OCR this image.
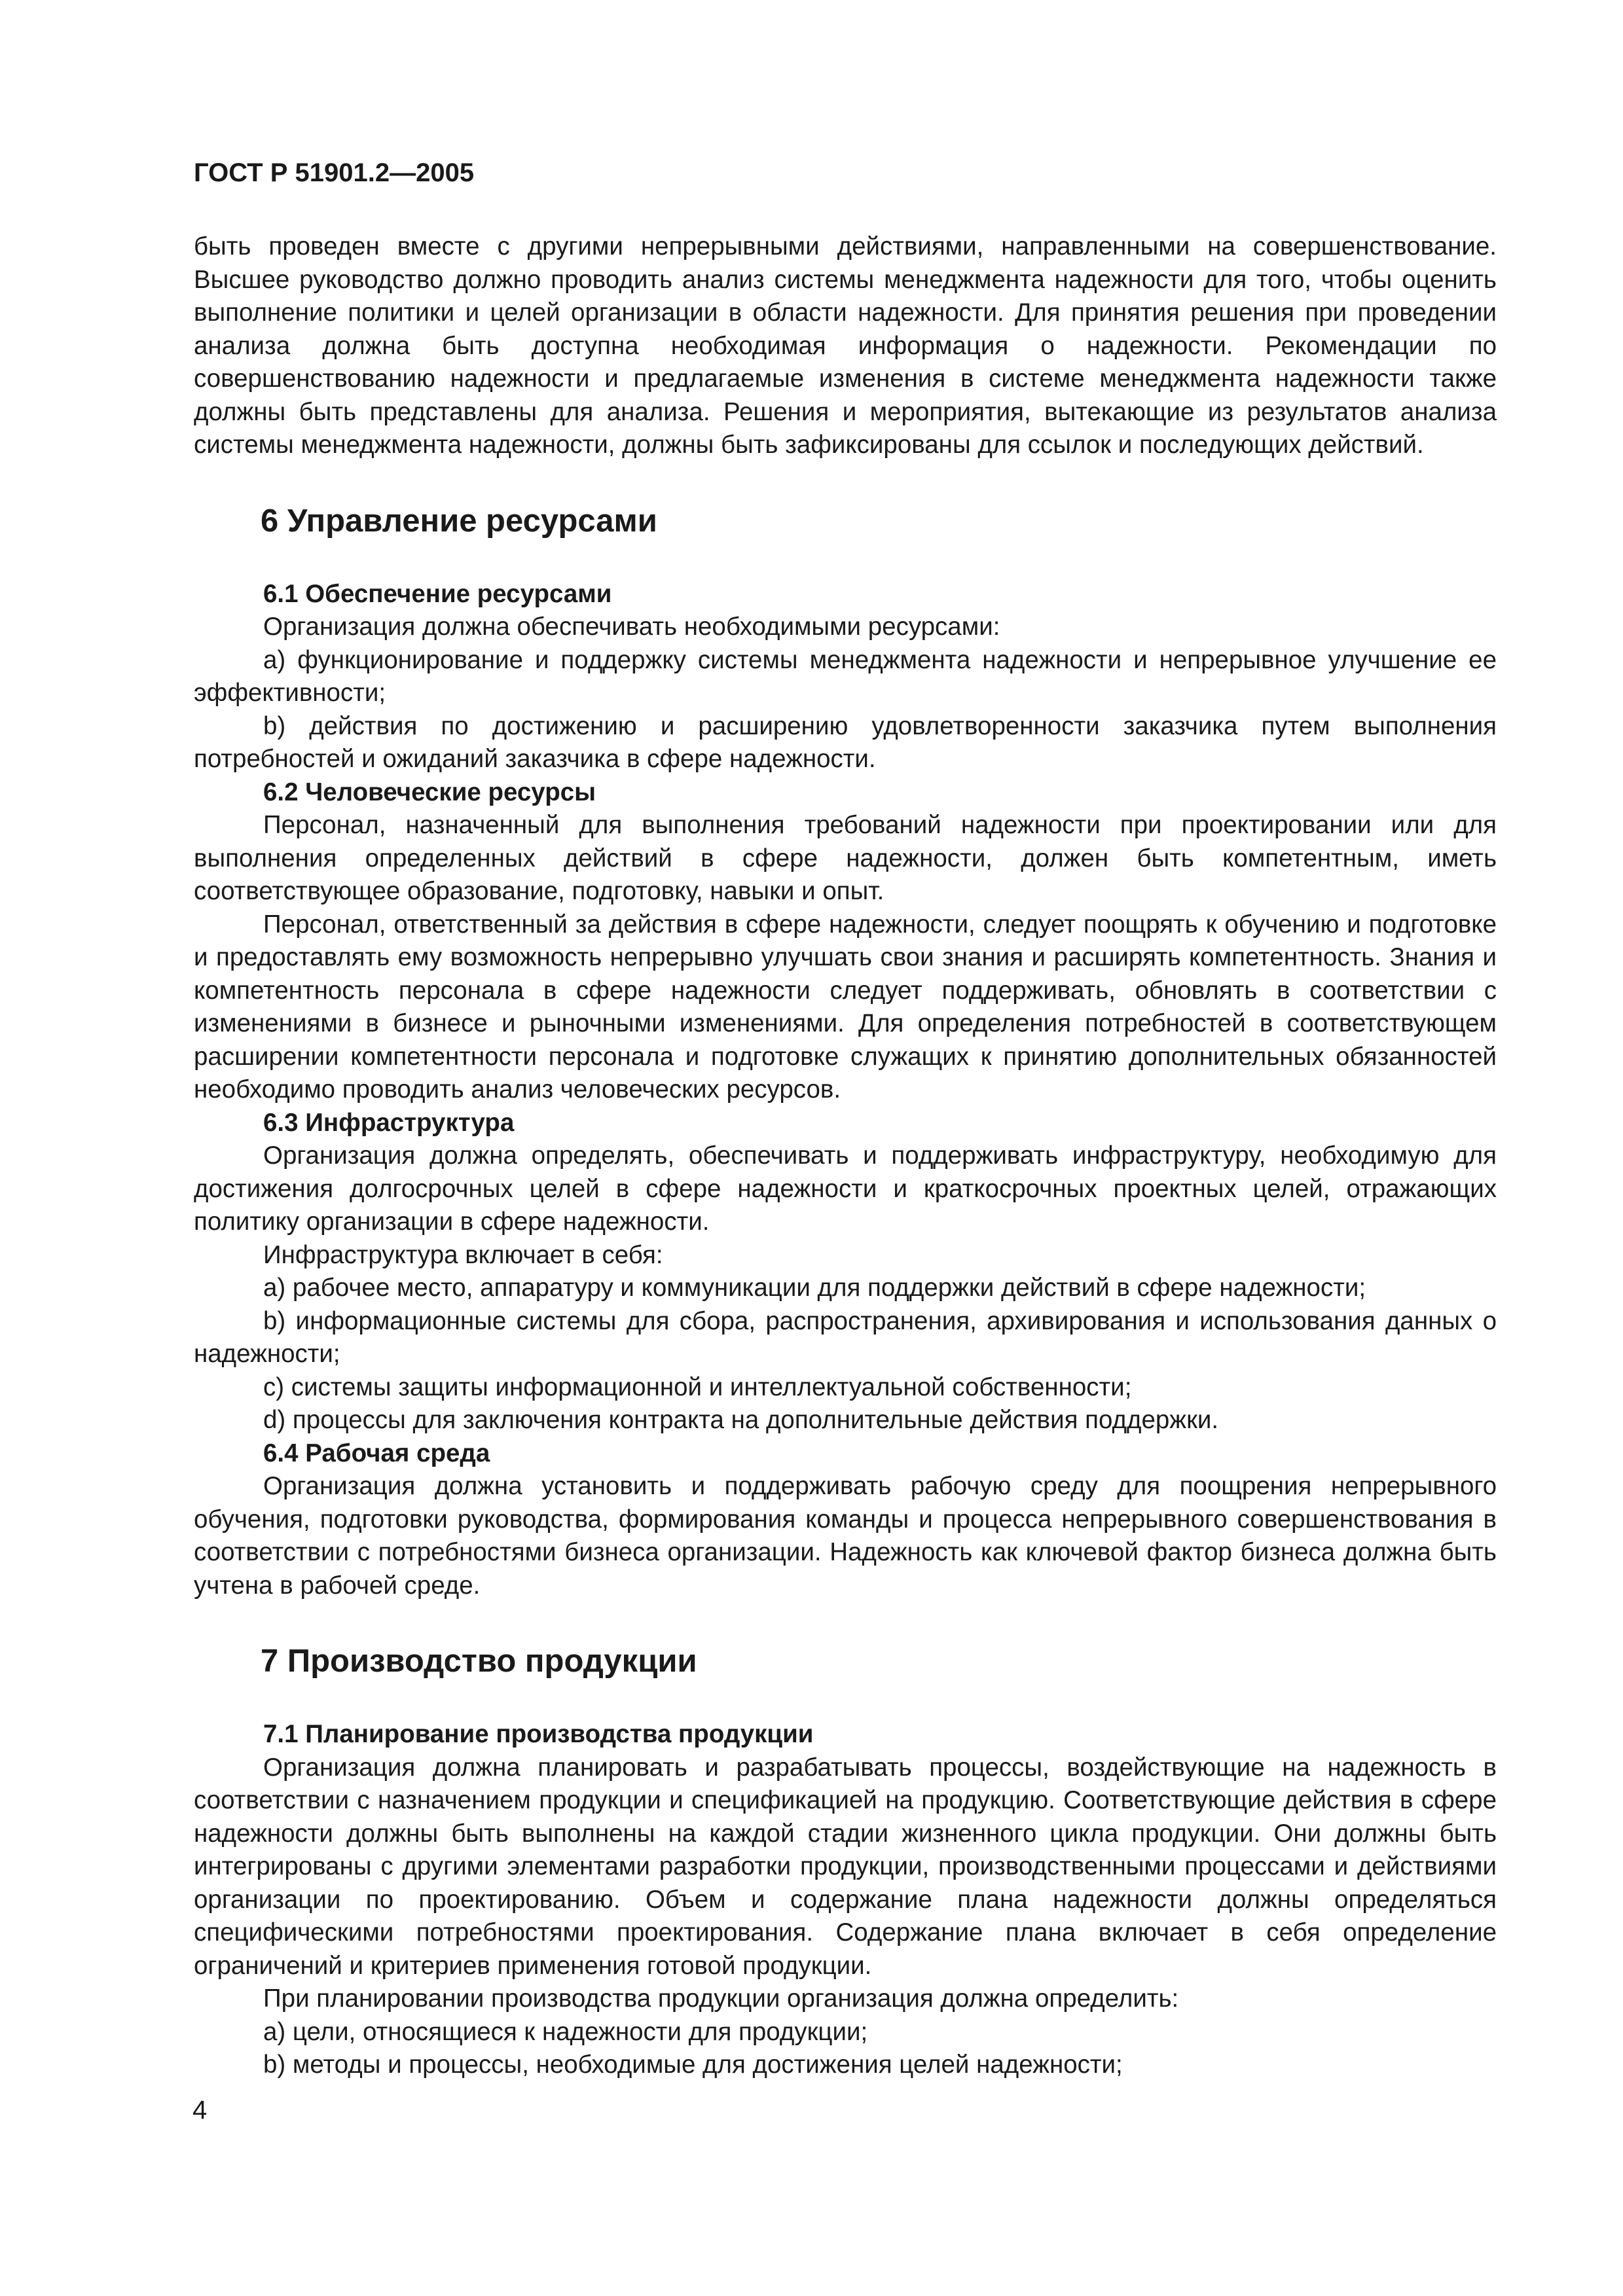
ГОСТ Р 51901.2—2005

быть проведен вместе с другими непрерывными действиями, направленными на совершенствование. Высшее руководство должно проводить анализ системы менеджмента надежности для того, чтобы оценить выполнение политики и целей организации в области надежности. Для принятия решения при проведении анализа должна быть доступна необходимая информация о надежности. Рекомендации по совершенствованию надежности и предлагаемые изменения в системе менеджмента надежности также должны быть представлены для анализа. Решения и мероприятия, вытекающие из результатов анализа системы менеджмента надежности, должны быть зафиксированы для ссылок и последующих действий.

6 Управление ресурсами
6.1 Обеспечение ресурсами

Организация должна обеспечивать необходимыми ресурсами:

a) функционирование и поддержку системы менеджмента надежности и непрерывное улучшение ее эффективности;

b) действия по достижению и расширению удовлетворенности заказчика путем выполнения потребностей и ожиданий заказчика в сфере надежности.

6.2 Человеческие ресурсы

Персонал, назначенный для выполнения требований надежности при проектировании или для выполнения определенных действий в сфере надежности, должен быть компетентным, иметь соответствующее образование, подготовку, навыки и опыт.

Персонал, ответственный за действия в сфере надежности, следует поощрять к обучению и подготовке и предоставлять ему возможность непрерывно улучшать свои знания и расширять компетентность. Знания и компетентность персонала в сфере надежности следует поддерживать, обновлять в соответствии с изменениями в бизнесе и рыночными изменениями. Для определения потребностей в соответствующем расширении компетентности персонала и подготовке служащих к принятию дополнительных обязанностей необходимо проводить анализ человеческих ресурсов.

6.3 Инфраструктура

Организация должна определять, обеспечивать и поддерживать инфраструктуру, необходимую для достижения долгосрочных целей в сфере надежности и краткосрочных проектных целей, отражающих политику организации в сфере надежности.

Инфраструктура включает в себя:

a) рабочее место, аппаратуру и коммуникации для поддержки действий в сфере надежности;

b) информационные системы для сбора, распространения, архивирования и использования данных о надежности;

c) системы защиты информационной и интеллектуальной собственности;

d) процессы для заключения контракта на дополнительные действия поддержки.

6.4 Рабочая среда

Организация должна установить и поддерживать рабочую среду для поощрения непрерывного обучения, подготовки руководства, формирования команды и процесса непрерывного совершенствования в соответствии с потребностями бизнеса организации. Надежность как ключевой фактор бизнеса должна быть учтена в рабочей среде.

7 Производство продукции
7.1 Планирование производства продукции

Организация должна планировать и разрабатывать процессы, воздействующие на надежность в соответствии с назначением продукции и спецификацией на продукцию. Соответствующие действия в сфере надежности должны быть выполнены на каждой стадии жизненного цикла продукции. Они должны быть интегрированы с другими элементами разработки продукции, производственными процессами и действиями организации по проектированию. Объем и содержание плана надежности должны определяться специфическими потребностями проектирования. Содержание плана включает в себя определение ограничений и критериев применения готовой продукции.

При планировании производства продукции организация должна определить:

a) цели, относящиеся к надежности для продукции;

b) методы и процессы, необходимые для достижения целей надежности;

4
